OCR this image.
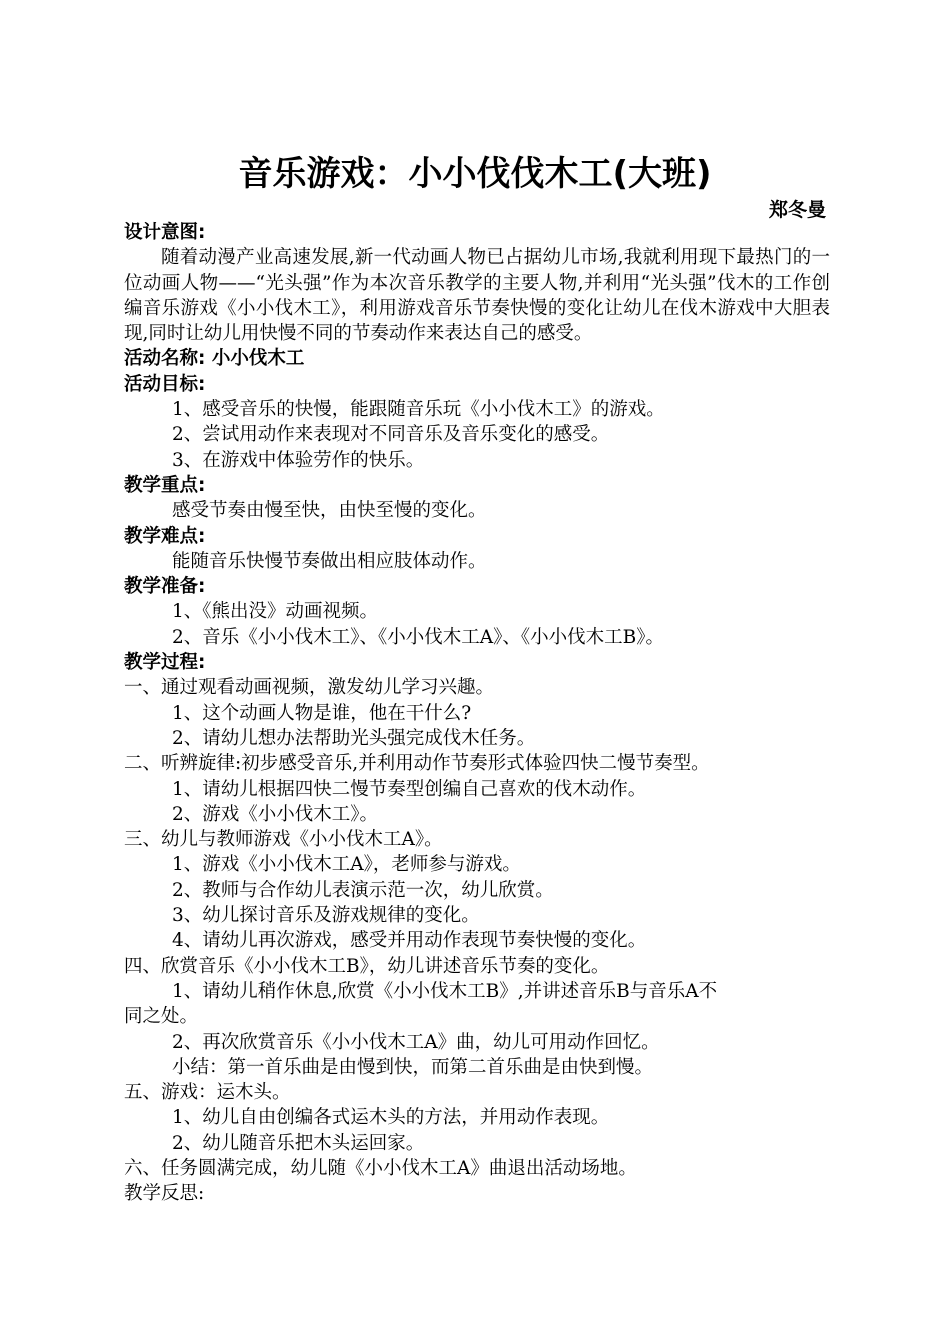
音乐游戏：小小伐伐木工(大班)
郑冬曼
设计意图:
随着动漫产业高速发展,新一代动画人物已占据幼儿市场,我就利用现下最热门的一位动画人物——“光头强”作为本次音乐教学的主要人物,并利用“光头强”伐木的工作创编音乐游戏《小小伐木工》，利用游戏音乐节奏快慢的变化让幼儿在伐木游戏中大胆表现,同时让幼儿用快慢不同的节奏动作来表达自己的感受。
活动名称: 小小伐木工
活动目标:
1、感受音乐的快慢，能跟随音乐玩《小小伐木工》的游戏。
2、尝试用动作来表现对不同音乐及音乐变化的感受。
3、在游戏中体验劳作的快乐。
教学重点:
感受节奏由慢至快，由快至慢的变化。
教学难点:
能随音乐快慢节奏做出相应肢体动作。
教学准备:
1、《熊出没》动画视频。
2、音乐《小小伐木工》、《小小伐木工A》、《小小伐木工B》。
教学过程:
一、通过观看动画视频，激发幼儿学习兴趣。
1、这个动画人物是谁，他在干什么?
2、请幼儿想办法帮助光头强完成伐木任务。
二、听辨旋律:初步感受音乐,并利用动作节奏形式体验四快二慢节奏型。
1、请幼儿根据四快二慢节奏型创编自己喜欢的伐木动作。
2、游戏《小小伐木工》。
三、幼儿与教师游戏《小小伐木工A》。
1、游戏《小小伐木工A》，老师参与游戏。
2、教师与合作幼儿表演示范一次，幼儿欣赏。
3、幼儿探讨音乐及游戏规律的变化。
4、请幼儿再次游戏，感受并用动作表现节奏快慢的变化。
四、欣赏音乐《小小伐木工B》，幼儿讲述音乐节奏的变化。
1、请幼儿稍作休息,欣赏《小小伐木工B》,并讲述音乐B与音乐A不
同之处。
2、再次欣赏音乐《小小伐木工A》曲，幼儿可用动作回忆。
小结：第一首乐曲是由慢到快，而第二首乐曲是由快到慢。
五、游戏：运木头。
1、幼儿自由创编各式运木头的方法，并用动作表现。
2、幼儿随音乐把木头运回家。
六、任务圆满完成，幼儿随《小小伐木工A》曲退出活动场地。
教学反思:
